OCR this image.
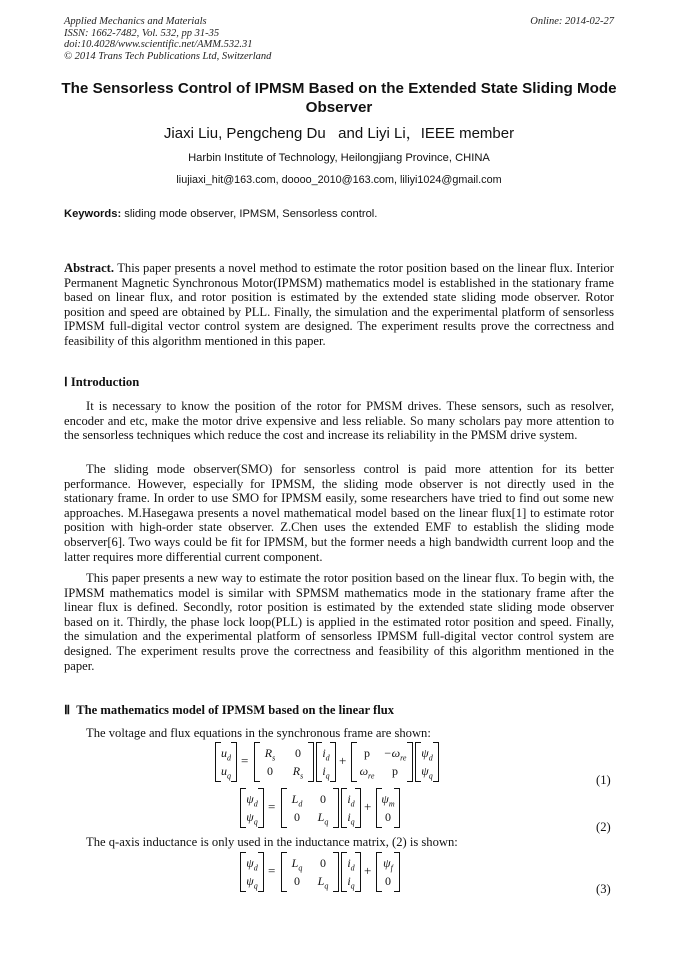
Applied Mechanics and Materials
ISSN: 1662-7482, Vol. 532, pp 31-35
doi:10.4028/www.scientific.net/AMM.532.31
© 2014 Trans Tech Publications Ltd, Switzerland
Online: 2014-02-27
The Sensorless Control of IPMSM Based on the Extended State Sliding Mode Observer
Jiaxi Liu, Pengcheng Du   and Liyi Li，IEEE member
Harbin Institute of Technology, Heilongjiang Province, CHINA
liujiaxi_hit@163.com, doooo_2010@163.com, liliyi1024@gmail.com
Keywords: sliding mode observer, IPMSM, Sensorless control.
Abstract. This paper presents a novel method to estimate the rotor position based on the linear flux. Interior Permanent Magnetic Synchronous Motor(IPMSM) mathematics model is established in the stationary frame based on linear flux, and rotor position is estimated by the extended state sliding mode observer. Rotor position and speed are obtained by PLL. Finally, the simulation and the experimental platform of sensorless IPMSM full-digital vector control system are designed. The experiment results prove the correctness and feasibility of this algorithm mentioned in this paper.
Ⅰ Introduction
It is necessary to know the position of the rotor for PMSM drives. These sensors, such as resolver, encoder and etc, make the motor drive expensive and less reliable. So many scholars pay more attention to the sensorless techniques which reduce the cost and increase its reliability in the PMSM drive system.
The sliding mode observer(SMO) for sensorless control is paid more attention for its better performance. However, especially for IPMSM, the sliding mode observer is not directly used in the stationary frame. In order to use SMO for IPMSM easily, some researchers have tried to find out some new approaches. M.Hasegawa presents a novel mathematical model based on the linear flux[1] to estimate rotor position with high-order state observer. Z.Chen uses the extended EMF to establish the sliding mode observer[6]. Two ways could be fit for IPMSM, but the former needs a high bandwidth current loop and the latter requires more differential current component.
This paper presents a new way to estimate the rotor position based on the linear flux. To begin with, the IPMSM mathematics model is similar with SPMSM mathematics mode in the stationary frame after the linear flux is defined. Secondly, rotor position is estimated by the extended state sliding mode observer based on it. Thirdly, the phase lock loop(PLL) is applied in the estimated rotor position and speed. Finally, the simulation and the experimental platform of sensorless IPMSM full-digital vector control system are designed. The experiment results prove the correctness and feasibility of this algorithm mentioned in the paper.
Ⅱ  The mathematics model of IPMSM based on the linear flux
The voltage and flux equations in the synchronous frame are shown:
$u_d$
$u_q$
=	$R_s$	0
0	$R_s$
$i_d$
$i_q$
+	p	$-\omega_{re}$
$\omega_{re}$	p
$\psi_d$
$\psi_q$	(1)
$\psi_d$
$\psi_q$
=	$L_d$	0
0	$L_q$
$i_d$
$i_q$
+ $\psi_m$
0
(2)
The q-axis inductance is only used in the inductance matrix, (2) is shown:
$\psi_d$
$\psi_q$
=	$L_q$	0
0	$L_q$
$i_d$
$i_q$
+ $\psi_f$
0
(3)
